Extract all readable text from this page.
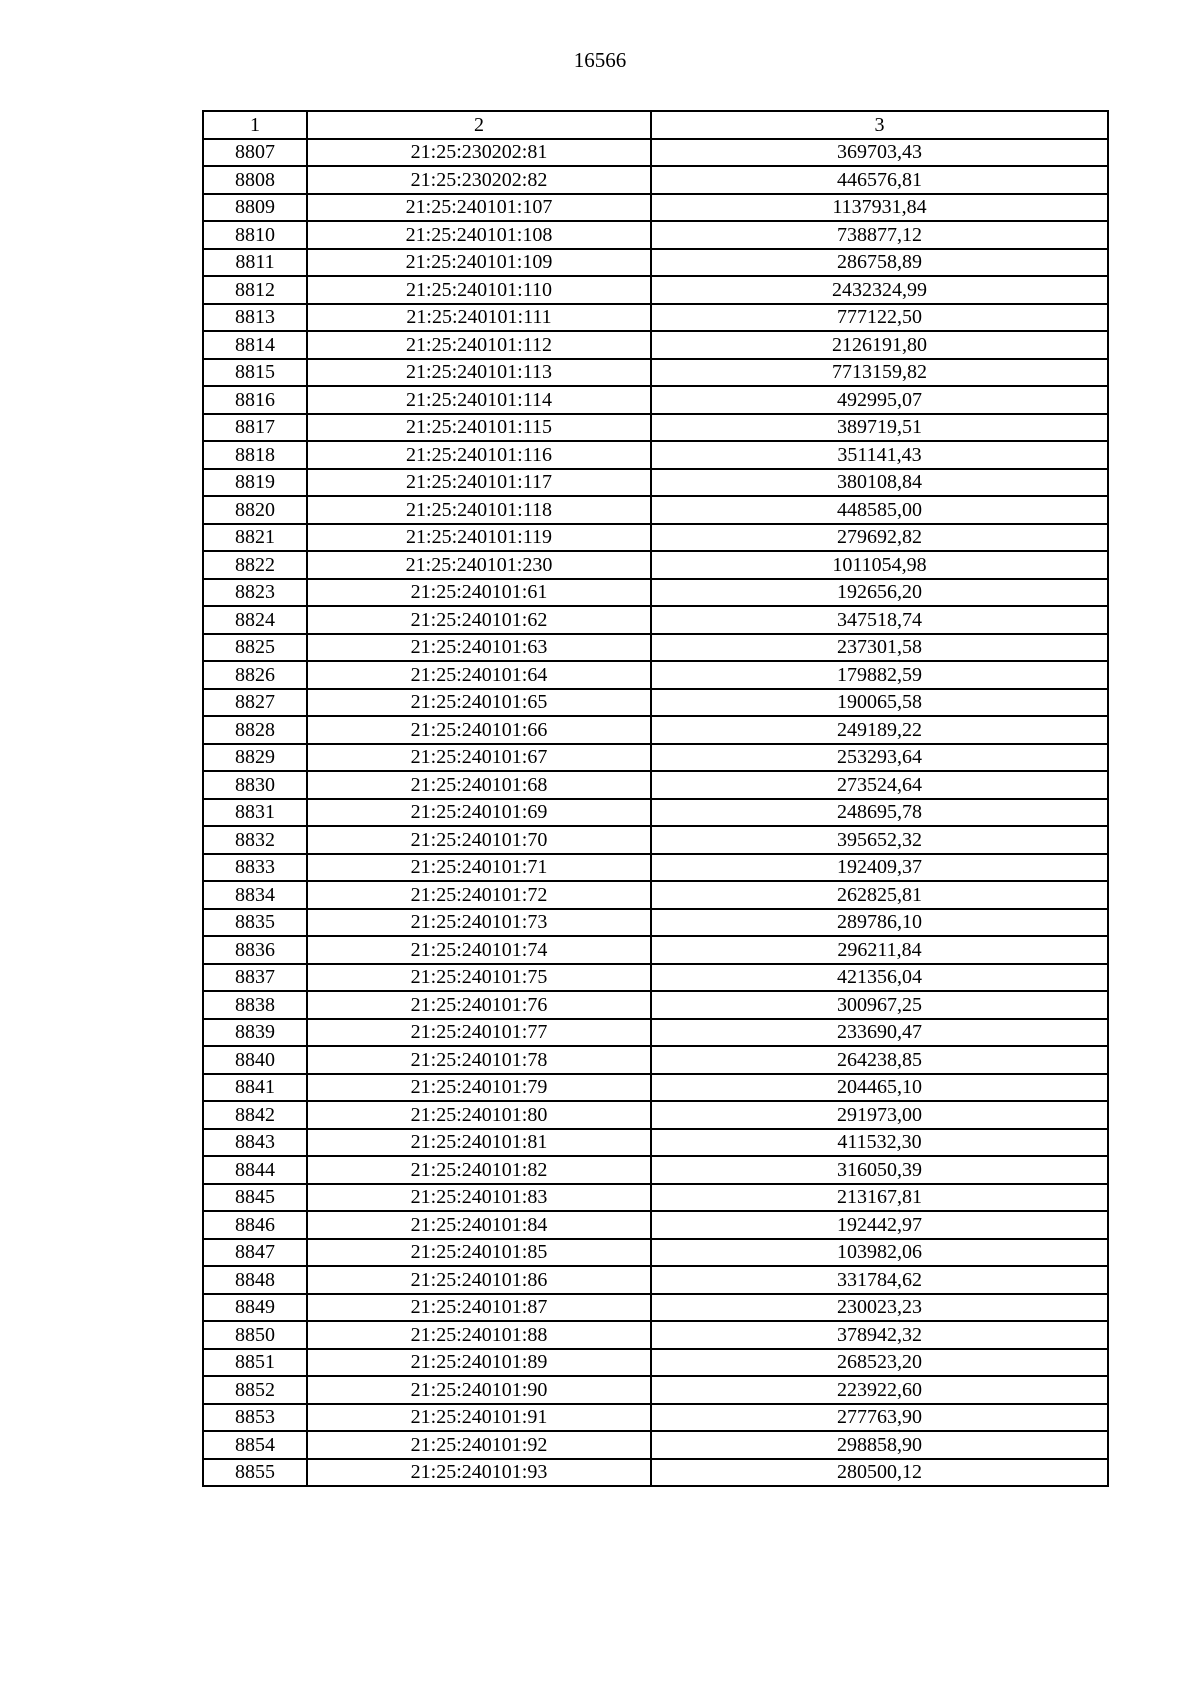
16566
1	2	3
8807	21:25:230202:81	369703,43
8808	21:25:230202:82	446576,81
8809	21:25:240101:107	1137931,84
8810	21:25:240101:108	738877,12
8811	21:25:240101:109	286758,89
8812	21:25:240101:110	2432324,99
8813	21:25:240101:111	777122,50
8814	21:25:240101:112	2126191,80
8815	21:25:240101:113	7713159,82
8816	21:25:240101:114	492995,07
8817	21:25:240101:115	389719,51
8818	21:25:240101:116	351141,43
8819	21:25:240101:117	380108,84
8820	21:25:240101:118	448585,00
8821	21:25:240101:119	279692,82
8822	21:25:240101:230	1011054,98
8823	21:25:240101:61	192656,20
8824	21:25:240101:62	347518,74
8825	21:25:240101:63	237301,58
8826	21:25:240101:64	179882,59
8827	21:25:240101:65	190065,58
8828	21:25:240101:66	249189,22
8829	21:25:240101:67	253293,64
8830	21:25:240101:68	273524,64
8831	21:25:240101:69	248695,78
8832	21:25:240101:70	395652,32
8833	21:25:240101:71	192409,37
8834	21:25:240101:72	262825,81
8835	21:25:240101:73	289786,10
8836	21:25:240101:74	296211,84
8837	21:25:240101:75	421356,04
8838	21:25:240101:76	300967,25
8839	21:25:240101:77	233690,47
8840	21:25:240101:78	264238,85
8841	21:25:240101:79	204465,10
8842	21:25:240101:80	291973,00
8843	21:25:240101:81	411532,30
8844	21:25:240101:82	316050,39
8845	21:25:240101:83	213167,81
8846	21:25:240101:84	192442,97
8847	21:25:240101:85	103982,06
8848	21:25:240101:86	331784,62
8849	21:25:240101:87	230023,23
8850	21:25:240101:88	378942,32
8851	21:25:240101:89	268523,20
8852	21:25:240101:90	223922,60
8853	21:25:240101:91	277763,90
8854	21:25:240101:92	298858,90
8855	21:25:240101:93	280500,12
